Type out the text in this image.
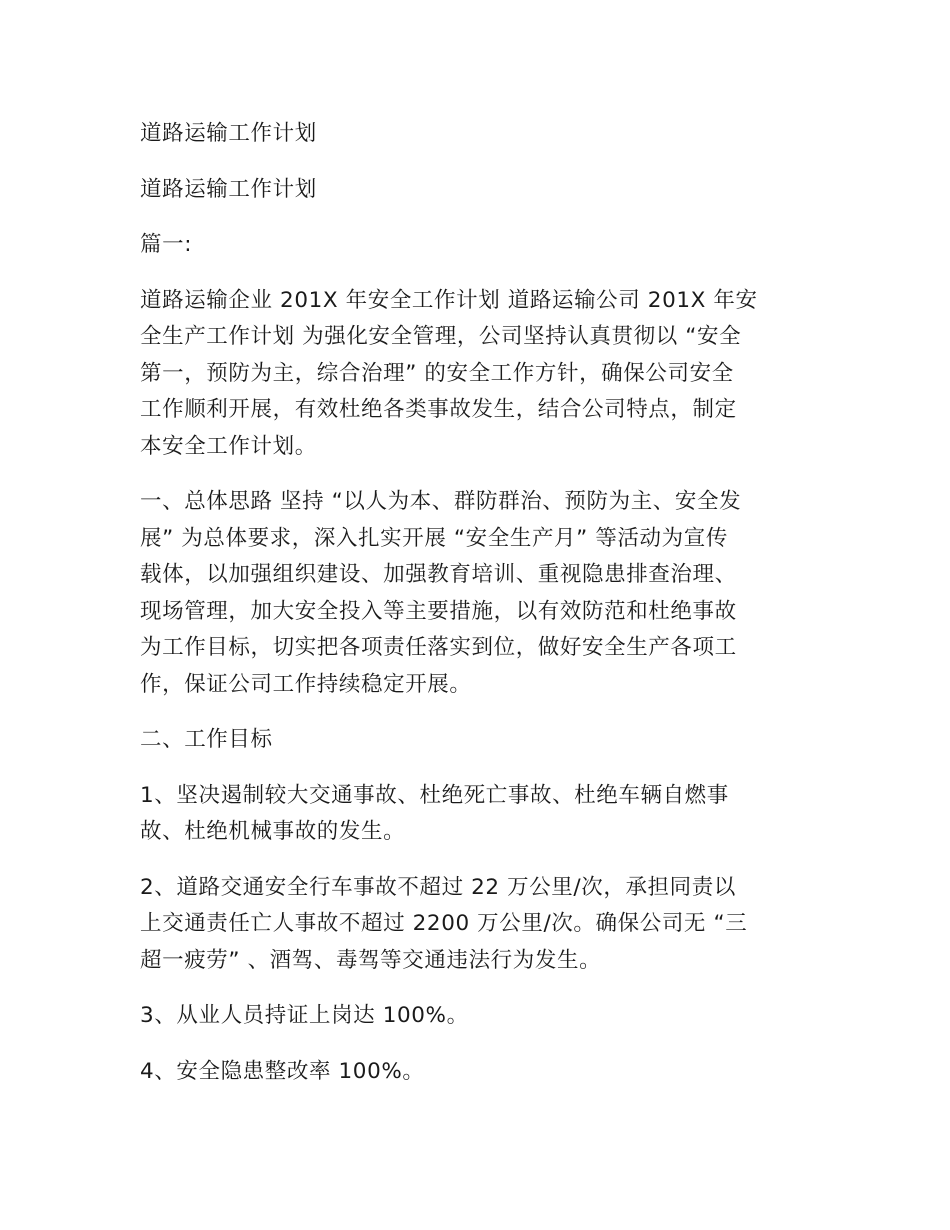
道路运输工作计划

道路运输工作计划

篇一:

道路运输企业 201X 年安全工作计划 道路运输公司 201X 年安
全生产工作计划 为强化安全管理，公司坚持认真贯彻以 “安全
第一，预防为主，综合治理” 的安全工作方针，确保公司安全
工作顺利开展，有效杜绝各类事故发生，结合公司特点，制定
本安全工作计划。

一、总体思路 坚持 “以人为本、群防群治、预防为主、安全发
展” 为总体要求，深入扎实开展 “安全生产月” 等活动为宣传
载体，以加强组织建设、加强教育培训、重视隐患排查治理、
现场管理，加大安全投入等主要措施，以有效防范和杜绝事故
为工作目标，切实把各项责任落实到位，做好安全生产各项工
作，保证公司工作持续稳定开展。

二、工作目标

1、坚决遏制较大交通事故、杜绝死亡事故、杜绝车辆自燃事
故、杜绝机械事故的发生。

2、道路交通安全行车事故不超过 22 万公里/次，承担同责以
上交通责任亡人事故不超过 2200 万公里/次。确保公司无 “三
超一疲劳” 、酒驾、毒驾等交通违法行为发生。

3、从业人员持证上岗达 100%。

4、安全隐患整改率 100%。
